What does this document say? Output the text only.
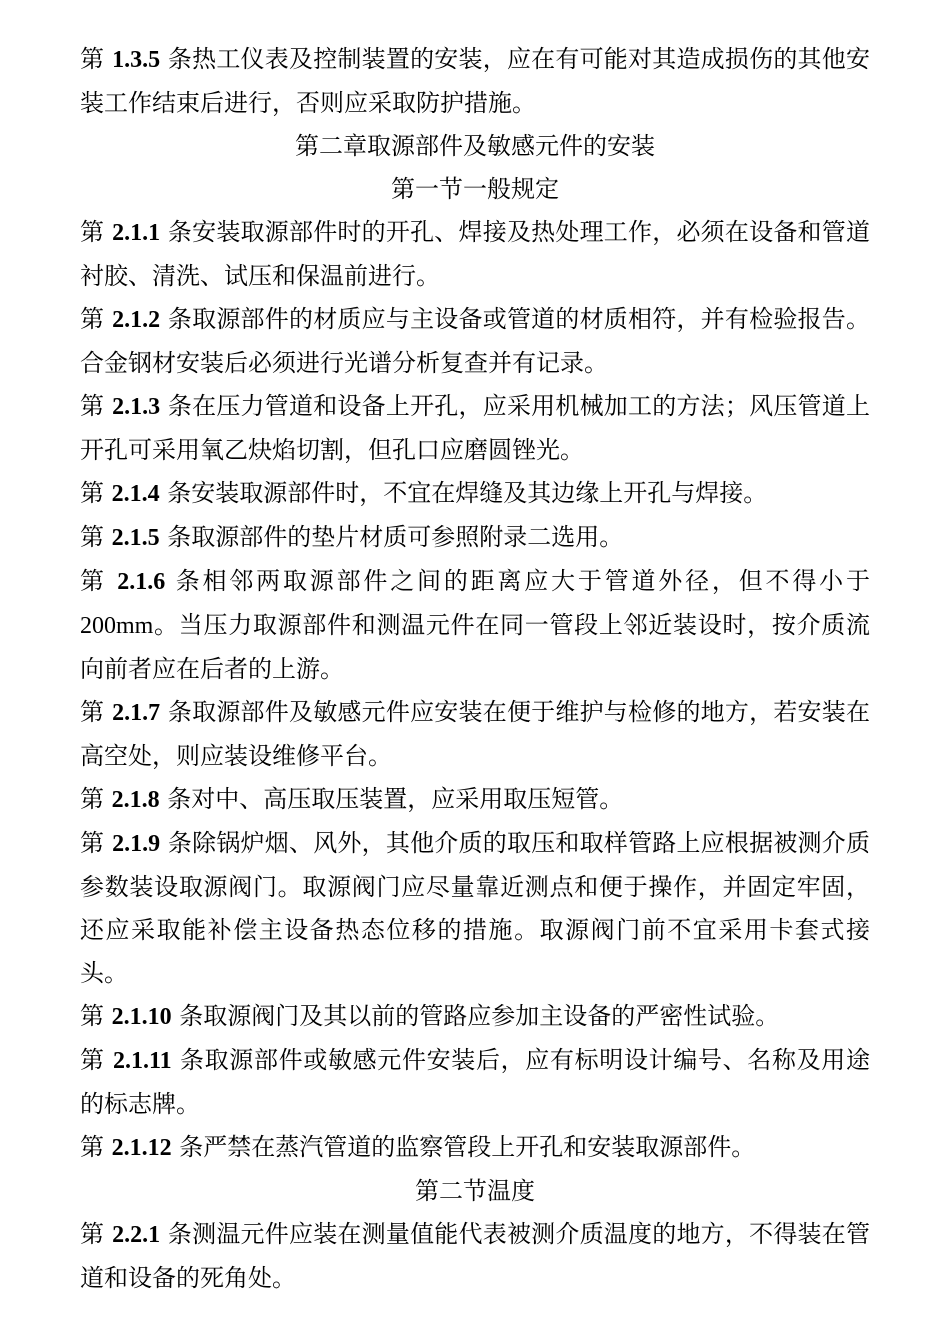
第 1.3.5 条热工仪表及控制装置的安装，应在有可能对其造成损伤的其他安装工作结束后进行，否则应采取防护措施。

第二章取源部件及敏感元件的安装

第一节一般规定

第 2.1.1 条安装取源部件时的开孔、焊接及热处理工作，必须在设备和管道衬胶、清洗、试压和保温前进行。

第 2.1.2 条取源部件的材质应与主设备或管道的材质相符，并有检验报告。合金钢材安装后必须进行光谱分析复查并有记录。

第 2.1.3 条在压力管道和设备上开孔，应采用机械加工的方法；风压管道上开孔可采用氧乙炔焰切割，但孔口应磨圆锉光。

第 2.1.4 条安装取源部件时，不宜在焊缝及其边缘上开孔与焊接。

第 2.1.5 条取源部件的垫片材质可参照附录二选用。

第 2.1.6 条相邻两取源部件之间的距离应大于管道外径，但不得小于200mm。当压力取源部件和测温元件在同一管段上邻近装设时，按介质流向前者应在后者的上游。

第 2.1.7 条取源部件及敏感元件应安装在便于维护与检修的地方，若安装在高空处，则应装设维修平台。

第 2.1.8 条对中、高压取压装置，应采用取压短管。

第 2.1.9 条除锅炉烟、风外，其他介质的取压和取样管路上应根据被测介质参数装设取源阀门。取源阀门应尽量靠近测点和便于操作，并固定牢固，还应采取能补偿主设备热态位移的措施。取源阀门前不宜采用卡套式接头。

第 2.1.10 条取源阀门及其以前的管路应参加主设备的严密性试验。

第 2.1.11 条取源部件或敏感元件安装后，应有标明设计编号、名称及用途的标志牌。

第 2.1.12 条严禁在蒸汽管道的监察管段上开孔和安装取源部件。

第二节温度

第 2.2.1 条测温元件应装在测量值能代表被测介质温度的地方，不得装在管道和设备的死角处。
